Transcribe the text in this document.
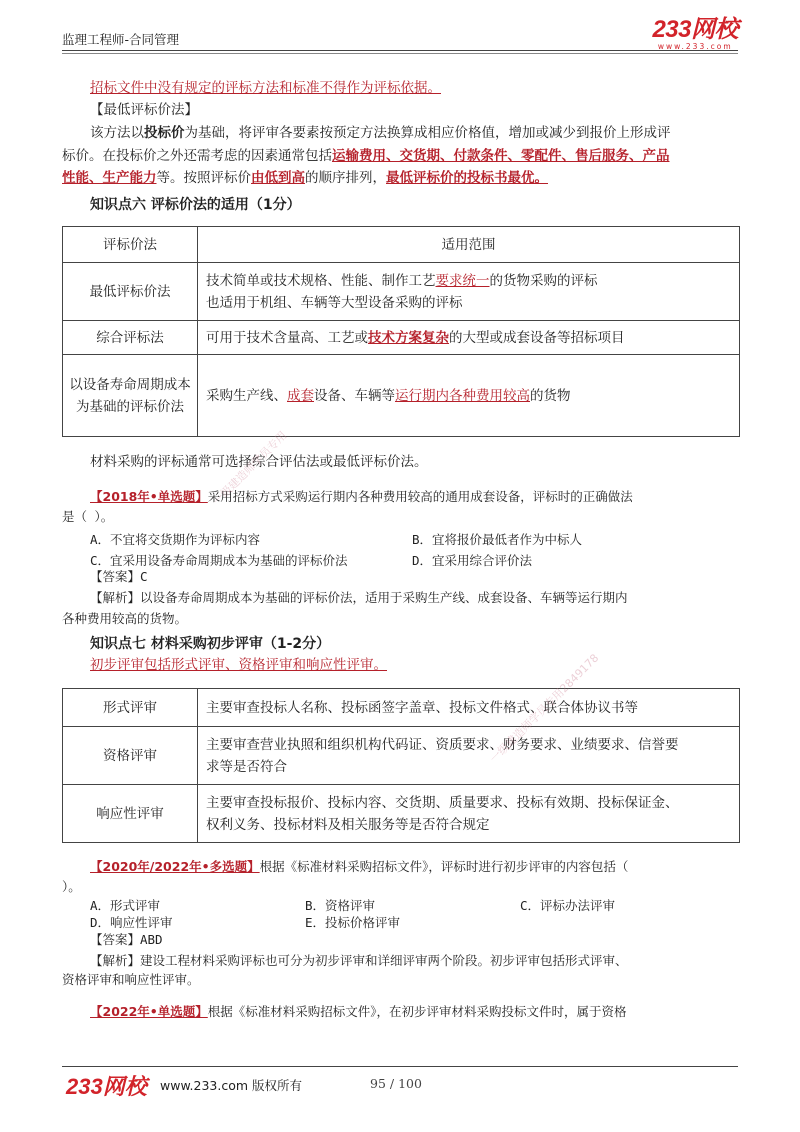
监理工程师-合同管理	233网校
www.233.com
招标文件中没有规定的评标方法和标准不得作为评标依据。
【最低评标价法】
该方法以投标价为基础，将评审各要素按预定方法换算成相应价格值，增加或减少到报价上形成评
标价。在投标价之外还需考虑的因素通常包括运输费用、交货期、付款条件、零配件、售后服务、产品
性能、生产能力等。按照评标价由低到高的顺序排列，最低评标价的投标书最优。
知识点六 评标价法的适用（1分）
评标价法	适用范围
最低评标价法	技术简单或技术规格、性能、制作工艺要求统一的货物采购的评标
也适用于机组、车辆等大型设备采购的评标

综合评标法	可用于技术含量高、工艺或技术方案复杂的大型或成套设备等招标项目
以设备寿命周期成本为基础的评标价法	采购生产线、成套设备、车辆等运行期内各种费用较高的货物
材料采购的评标通常可选择综合评估法或最低评标价法。
【2018年•单选题】采用招标方式采购运行期内各种费用较高的通用成套设备，评标时的正确做法
是（ ）。
A．不宜将交货期作为评标内容	B．宜将报价最低者作为中标人
C．宜采用设备寿命周期成本为基础的评标价法	D．宜采用综合评价法
【答案】C
【解析】以设备寿命周期成本为基础的评标价法，适用于采购生产线、成套设备、车辆等运行期内
各种费用较高的货物。
知识点七 材料采购初步评审（1-2分）
初步评审包括形式评审、资格评审和响应性评审。
形式评审	主要审查投标人名称、投标函签字盖章、投标文件格式、联合体协议书等
资格评审	主要审查营业执照和组织机构代码证、资质要求、财务要求、业绩要求、信誉要
求等是否符合

响应性评审	主要审查投标报价、投标内容、交货期、质量要求、投标有效期、投标保证金、
权利义务、投标材料及相关服务等是否符合规定
【2020年/2022年•多选题】根据《标准材料采购招标文件》，评标时进行初步评审的内容包括（
）。
A．形式评审	B．资格评审	C．评标办法评审
D．响应性评审	E．投标价格评审
【答案】ABD
【解析】建设工程材料采购评标也可分为初步评审和详细评审两个阶段。初步评审包括形式评审、
资格评审和响应性评审。
【2022年•单选题】根据《标准材料采购招标文件》，在初步评审材料采购投标文件时，属于资格
一级建造师学员专用
一级建造师学员专用2849178
233网校 www.233.com 版权所有	95 / 100
